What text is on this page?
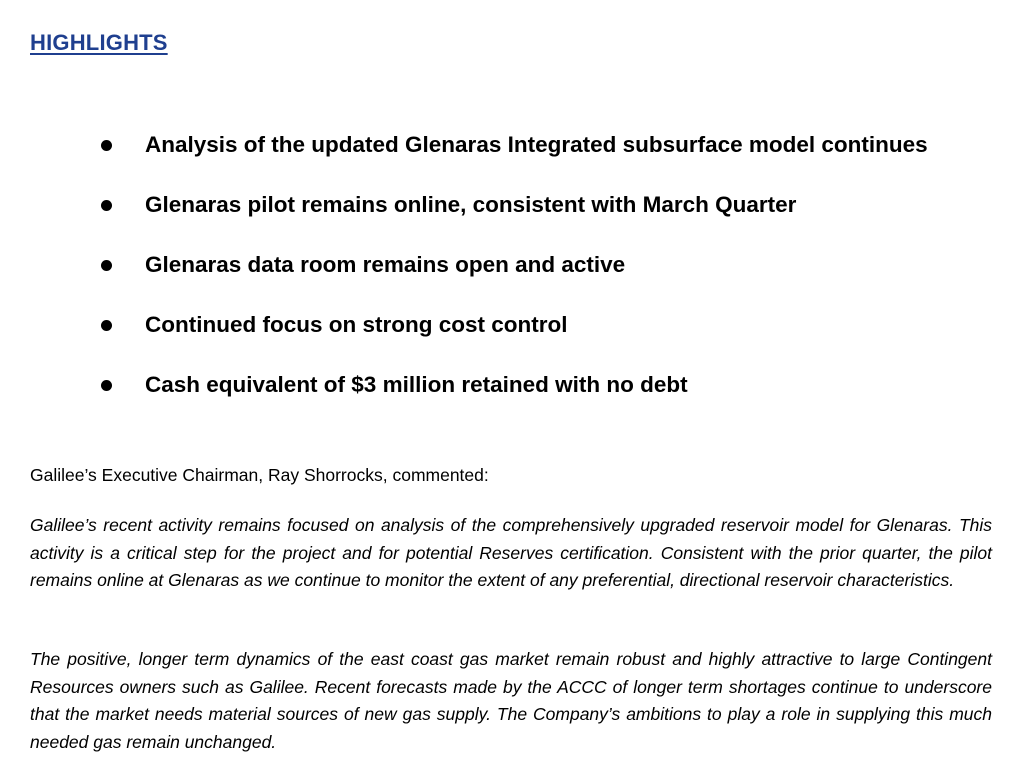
HIGHLIGHTS
Analysis of the updated Glenaras Integrated subsurface model continues
Glenaras pilot remains online, consistent with March Quarter
Glenaras data room remains open and active
Continued focus on strong cost control
Cash equivalent of $3 million retained with no debt
Galilee’s Executive Chairman, Ray Shorrocks, commented:

Galilee’s recent activity remains focused on analysis of the comprehensively upgraded reservoir model for Glenaras. This activity is a critical step for the project and for potential Reserves certification. Consistent with the prior quarter, the pilot remains online at Glenaras as we continue to monitor the extent of any preferential, directional reservoir characteristics.

The positive, longer term dynamics of the east coast gas market remain robust and highly attractive to large Contingent Resources owners such as Galilee. Recent forecasts made by the ACCC of longer term shortages continue to underscore that the market needs material sources of new gas supply. The Company’s ambitions to play a role in supplying this much needed gas remain unchanged.
